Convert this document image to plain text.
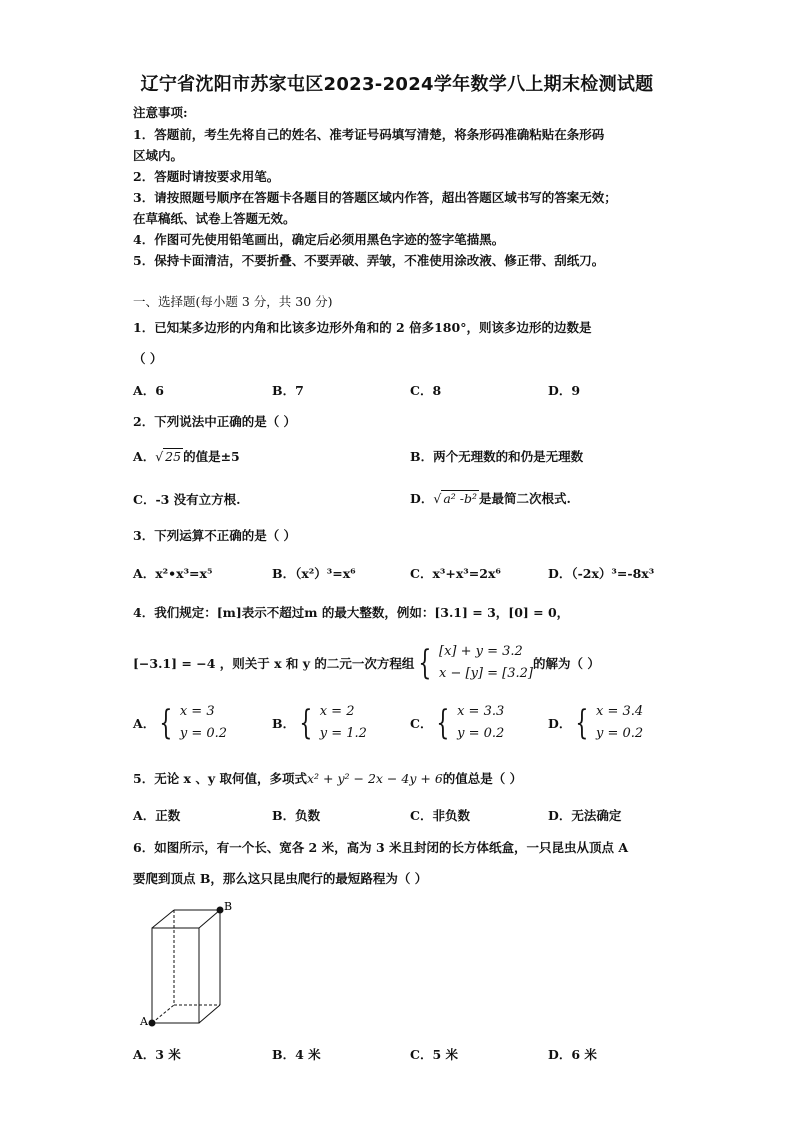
辽宁省沈阳市苏家屯区2023-2024学年数学八上期末检测试题
注意事项:
1．答题前，考生先将自己的姓名、准考证号码填写清楚，将条形码准确粘贴在条形码
区域内。
2．答题时请按要求用笔。
3．请按照题号顺序在答题卡各题目的答题区域内作答，超出答题区域书写的答案无效；
在草稿纸、试卷上答题无效。
4．作图可先使用铅笔画出，确定后必须用黑色字迹的签字笔描黑。
5．保持卡面清洁，不要折叠、不要弄破、弄皱，不准使用涂改液、修正带、刮纸刀。
一、选择题(每小题 3 分，共 30 分)
1．已知某多边形的内角和比该多边形外角和的 2 倍多180°，则该多边形的边数是
（ ）
A．6	B．7	C．8	D．9
2．下列说法中正确的是（ ）
A．√ 25 的值是±5	B．两个无理数的和仍是无理数
C．-3 没有立方根.	D．√ a² -b² 是最简二次根式.
3．下列运算不正确的是（ ）
A．x²•x³=x⁵	B．（x²）³=x⁶	C．x³+x³=2x⁶	D．（-2x）³=-8x³
4．我们规定：[m]表示不超过m 的最大整数，例如：[3.1] = 3，[0] = 0，
[−3.1] = −4 ，则关于 x 和 y 的二元一次方程组 { [x] + y = 3.2
x − [y] = [3.2]
的解为（ ）
A． { x = 3
y = 0.2
B． { x = 2
y = 1.2
C． { x = 3.3
y = 0.2
D． { x = 3.4
y = 0.2
5．无论 x 、y 取何值，多项式x² + y² − 2x − 4y + 6的值总是（ ）
A．正数	B．负数	C．非负数	D．无法确定
6．如图所示，有一个长、宽各 2 米，高为 3 米且封闭的长方体纸盒，一只昆虫从顶点 A
要爬到顶点 B，那么这只昆虫爬行的最短路程为（ ）
A
B
A．3 米	B．4 米	C．5 米	D．6 米
